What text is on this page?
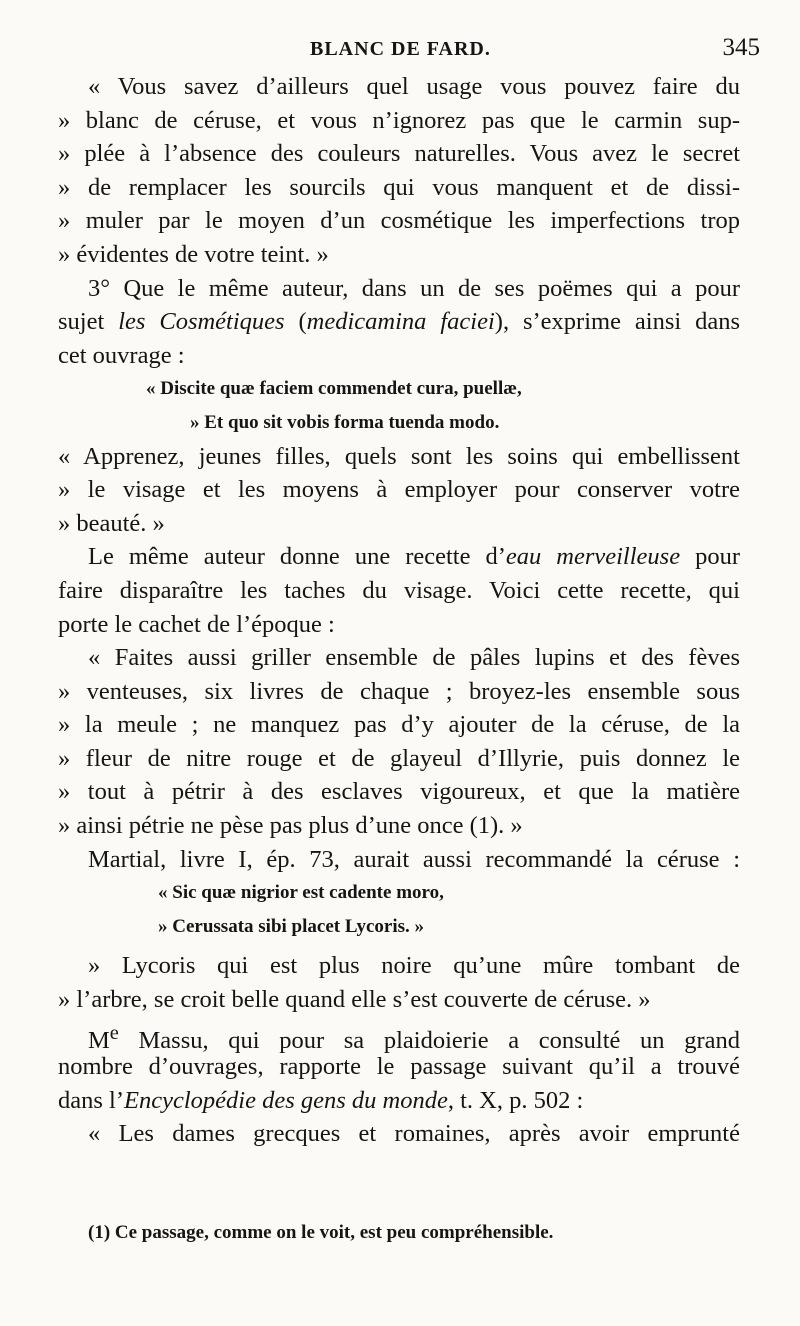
BLANC DE FARD.	345
« Vous savez d’ailleurs quel usage vous pouvez faire du
» blanc de céruse, et vous n’ignorez pas que le carmin sup-
» plée à l’absence des couleurs naturelles. Vous avez le secret
» de remplacer les sourcils qui vous manquent et de dissi-
» muler par le moyen d’un cosmétique les imperfections trop
» évidentes de votre teint. »
3° Que le même auteur, dans un de ses poëmes qui a pour
sujet les Cosmétiques (medicamina faciei), s’exprime ainsi dans
cet ouvrage :
« Discite quæ faciem commendet cura, puellæ,
» Et quo sit vobis forma tuenda modo.
« Apprenez, jeunes filles, quels sont les soins qui embellissent
» le visage et les moyens à employer pour conserver votre
» beauté. »
Le même auteur donne une recette d’eau merveilleuse pour
faire disparaître les taches du visage. Voici cette recette, qui
porte le cachet de l’époque :
« Faites aussi griller ensemble de pâles lupins et des fèves
» venteuses, six livres de chaque ; broyez-les ensemble sous
» la meule ; ne manquez pas d’y ajouter de la céruse, de la
» fleur de nitre rouge et de glayeul d’Illyrie, puis donnez le
» tout à pétrir à des esclaves vigoureux, et que la matière
» ainsi pétrie ne pèse pas plus d’une once (1). »
Martial, livre I, ép. 73, aurait aussi recommandé la céruse :
« Sic quæ nigrior est cadente moro,
» Cerussata sibi placet Lycoris. »
» Lycoris qui est plus noire qu’une mûre tombant de
» l’arbre, se croit belle quand elle s’est couverte de céruse. »
Me Massu, qui pour sa plaidoierie a consulté un grand
nombre d’ouvrages, rapporte le passage suivant qu’il a trouvé
dans l’Encyclopédie des gens du monde, t. X, p. 502 :
« Les dames grecques et romaines, après avoir emprunté
(1) Ce passage, comme on le voit, est peu compréhensible.
